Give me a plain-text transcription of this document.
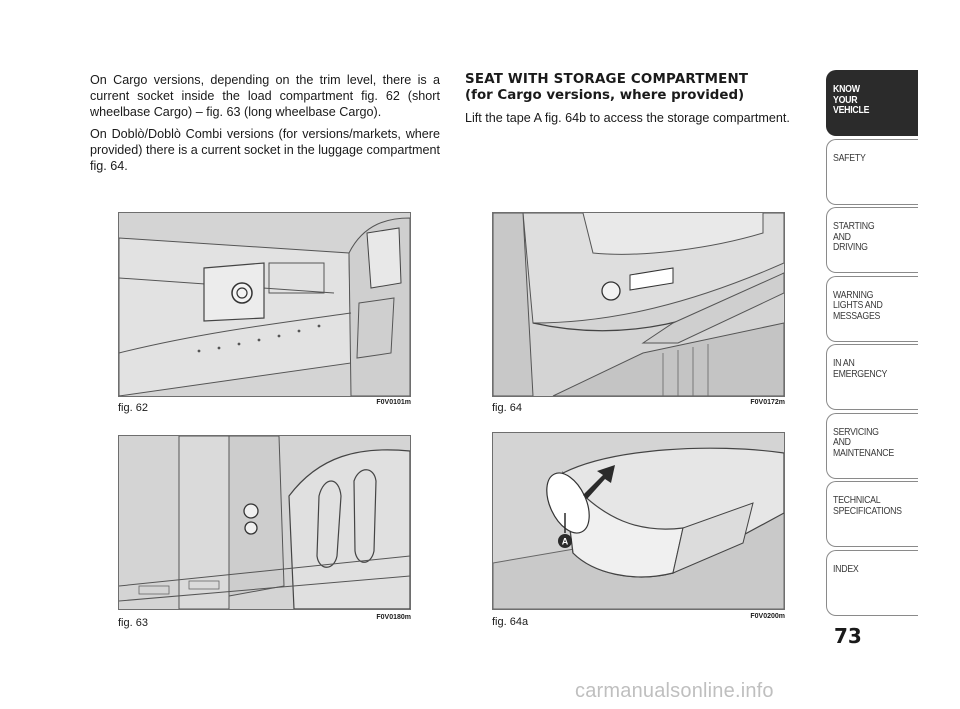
On Cargo versions, depending on the trim level, there is a current socket inside the load compartment fig. 62 (short wheelbase Cargo) – fig. 63 (long wheelbase Cargo).

On Doblò/Doblò Combi versions (for versions/markets, where provided) there is a current socket in the luggage compartment fig. 64.

SEAT WITH STORAGE COMPARTMENT
(for Cargo versions, where provided)

Lift the tape A fig. 64b to access the storage compartment.

fig. 62	F0V0101m
fig. 63	F0V0180m
fig. 64	F0V0172m
A
fig. 64a	F0V0200m
KNOW
YOUR
VEHICLE
SAFETY
STARTING
AND
DRIVING
WARNING
LIGHTS AND
MESSAGES
IN AN
EMERGENCY
SERVICING
AND
MAINTENANCE
TECHNICAL
SPECIFICATIONS
INDEX
73
carmanualsonline.info
